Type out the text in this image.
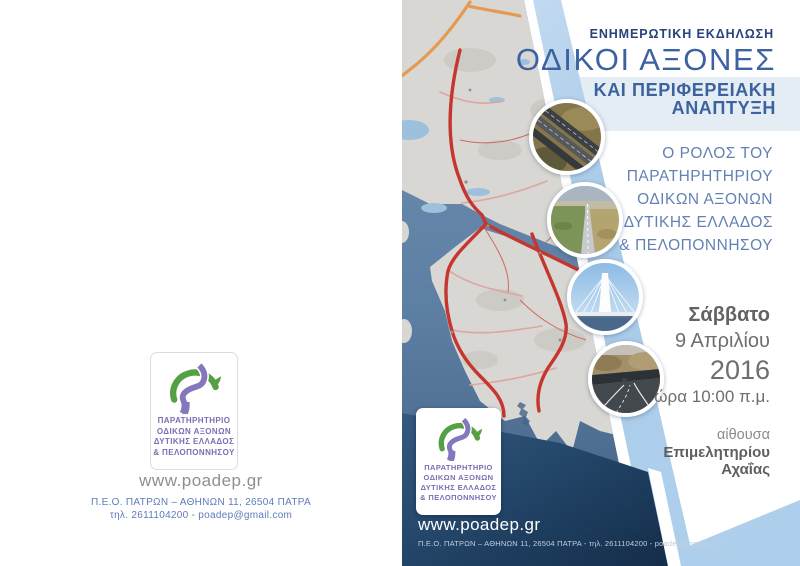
ΠΑΡΑΤΗΡΗΤΗΡΙΟ
ΟΔΙΚΩΝ ΑΞΟΝΩΝ
ΔΥΤΙΚΗΣ ΕΛΛΑΔΟΣ
& ΠΕΛΟΠΟΝΝΗΣΟΥ
www.poadep.gr
Π.Ε.Ο. ΠΑΤΡΩΝ – ΑΘΗΝΩΝ 11, 26504 ΠΑΤΡΑ
τηλ. 2611104200 - poadep@gmail.com
ΠΑΡΑΤΗΡΗΤΗΡΙΟ
ΟΔΙΚΩΝ ΑΞΟΝΩΝ
ΔΥΤΙΚΗΣ ΕΛΛΑΔΟΣ
& ΠΕΛΟΠΟΝΝΗΣΟΥ
www.poadep.gr
Π.Ε.Ο. ΠΑΤΡΩΝ – ΑΘΗΝΩΝ 11, 26504 ΠΑΤΡΑ - τηλ. 2611104200 - poadep@gmail.com
ΕΝΗΜΕΡΩΤΙΚΗ ΕΚΔΗΛΩΣΗ
ΟΔΙΚΟΙ ΑΞΟΝΕΣ
ΚΑΙ ΠΕΡΙΦΕΡΕΙΑΚΗ
ΑΝΑΠΤΥΞΗ
Ο ΡΟΛΟΣ ΤΟΥ
ΠΑΡΑΤΗΡΗΤΗΡΙΟΥ
ΟΔΙΚΩΝ ΑΞΟΝΩΝ
ΔΥΤΙΚΗΣ ΕΛΛΑΔΟΣ
& ΠΕΛΟΠΟΝΝΗΣΟΥ
Σάββατο
9 Απριλίου
2016
ώρα 10:00 π.μ.
αίθουσα
Επιμελητηρίου
Αχαΐας
